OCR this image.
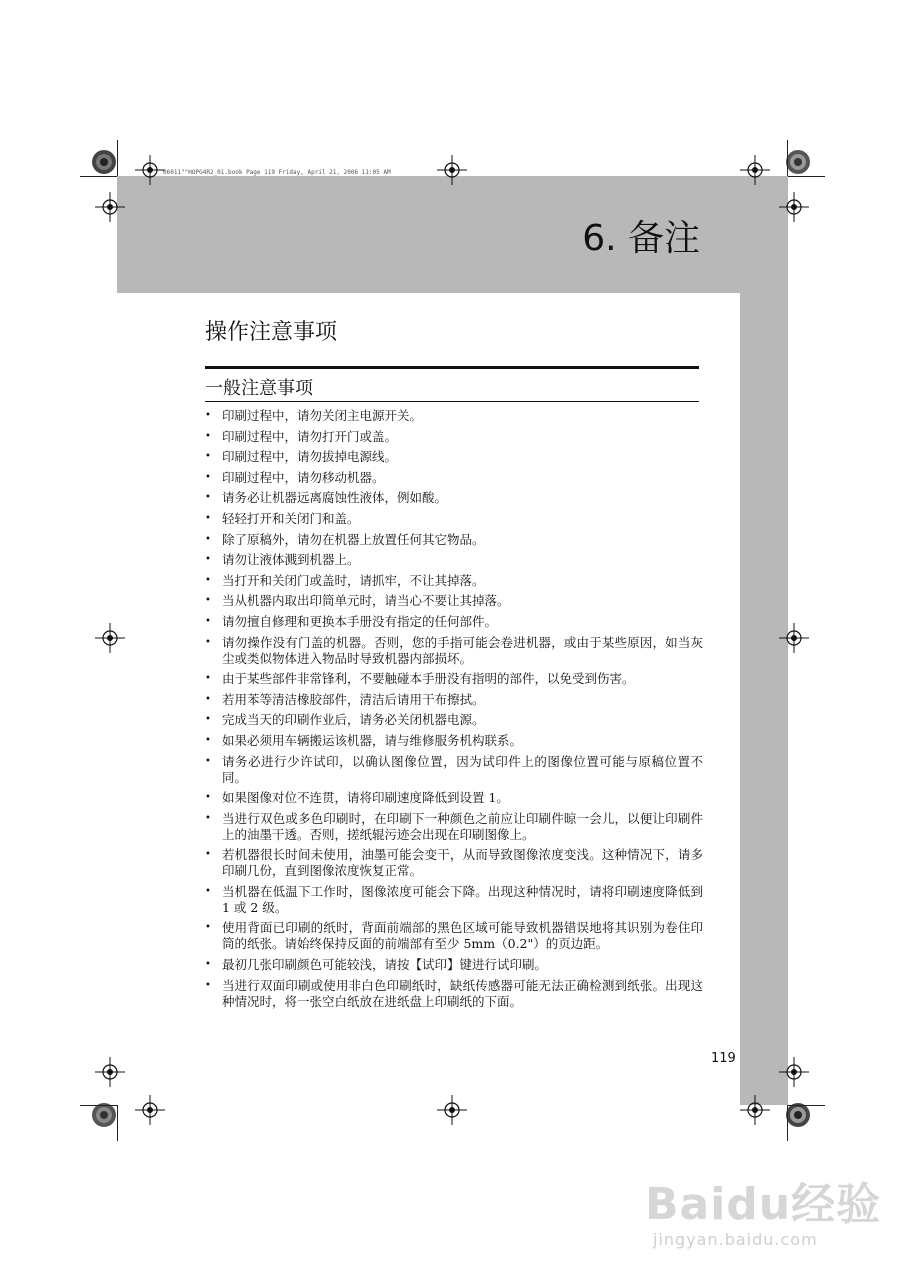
06011""HOPG4R2_01.book Page 119 Friday, April 21, 2006 11:05 AM
6. 备注
操作注意事项
一般注意事项
• 印刷过程中，请勿关闭主电源开关。
• 印刷过程中，请勿打开门或盖。
• 印刷过程中，请勿拔掉电源线。
• 印刷过程中，请勿移动机器。
• 请务必让机器远离腐蚀性液体，例如酸。
• 轻轻打开和关闭门和盖。
• 除了原稿外，请勿在机器上放置任何其它物品。
• 请勿让液体溅到机器上。
• 当打开和关闭门或盖时，请抓牢，不让其掉落。
• 当从机器内取出印筒单元时，请当心不要让其掉落。
• 请勿擅自修理和更换本手册没有指定的任何部件。
• 请勿操作没有门盖的机器。否则，您的手指可能会卷进机器，或由于某些原因，如当灰尘或类似物体进入物品时导致机器内部损坏。
• 由于某些部件非常锋利，不要触碰本手册没有指明的部件，以免受到伤害。
• 若用苯等清洁橡胶部件，清洁后请用干布擦拭。
• 完成当天的印刷作业后，请务必关闭机器电源。
• 如果必须用车辆搬运该机器，请与维修服务机构联系。
• 请务必进行少许试印，以确认图像位置，因为试印件上的图像位置可能与原稿位置不同。
• 如果图像对位不连贯，请将印刷速度降低到设置 1。
• 当进行双色或多色印刷时，在印刷下一种颜色之前应让印刷件晾一会儿，以便让印刷件上的油墨干透。否则，搓纸辊污迹会出现在印刷图像上。
• 若机器很长时间未使用，油墨可能会变干，从而导致图像浓度变浅。这种情况下，请多印刷几份，直到图像浓度恢复正常。
• 当机器在低温下工作时，图像浓度可能会下降。出现这种情况时，请将印刷速度降低到 1 或 2 级。
• 使用背面已印刷的纸时，背面前端部的黑色区域可能导致机器错误地将其识别为卷住印筒的纸张。请始终保持反面的前端部有至少 5mm（0.2"）的页边距。
• 最初几张印刷颜色可能较浅，请按【试印】键进行试印刷。
• 当进行双面印刷或使用非白色印刷纸时，缺纸传感器可能无法正确检测到纸张。出现这种情况时，将一张空白纸放在进纸盘上印刷纸的下面。
119
Baidu经验
jingyan.baidu.com
